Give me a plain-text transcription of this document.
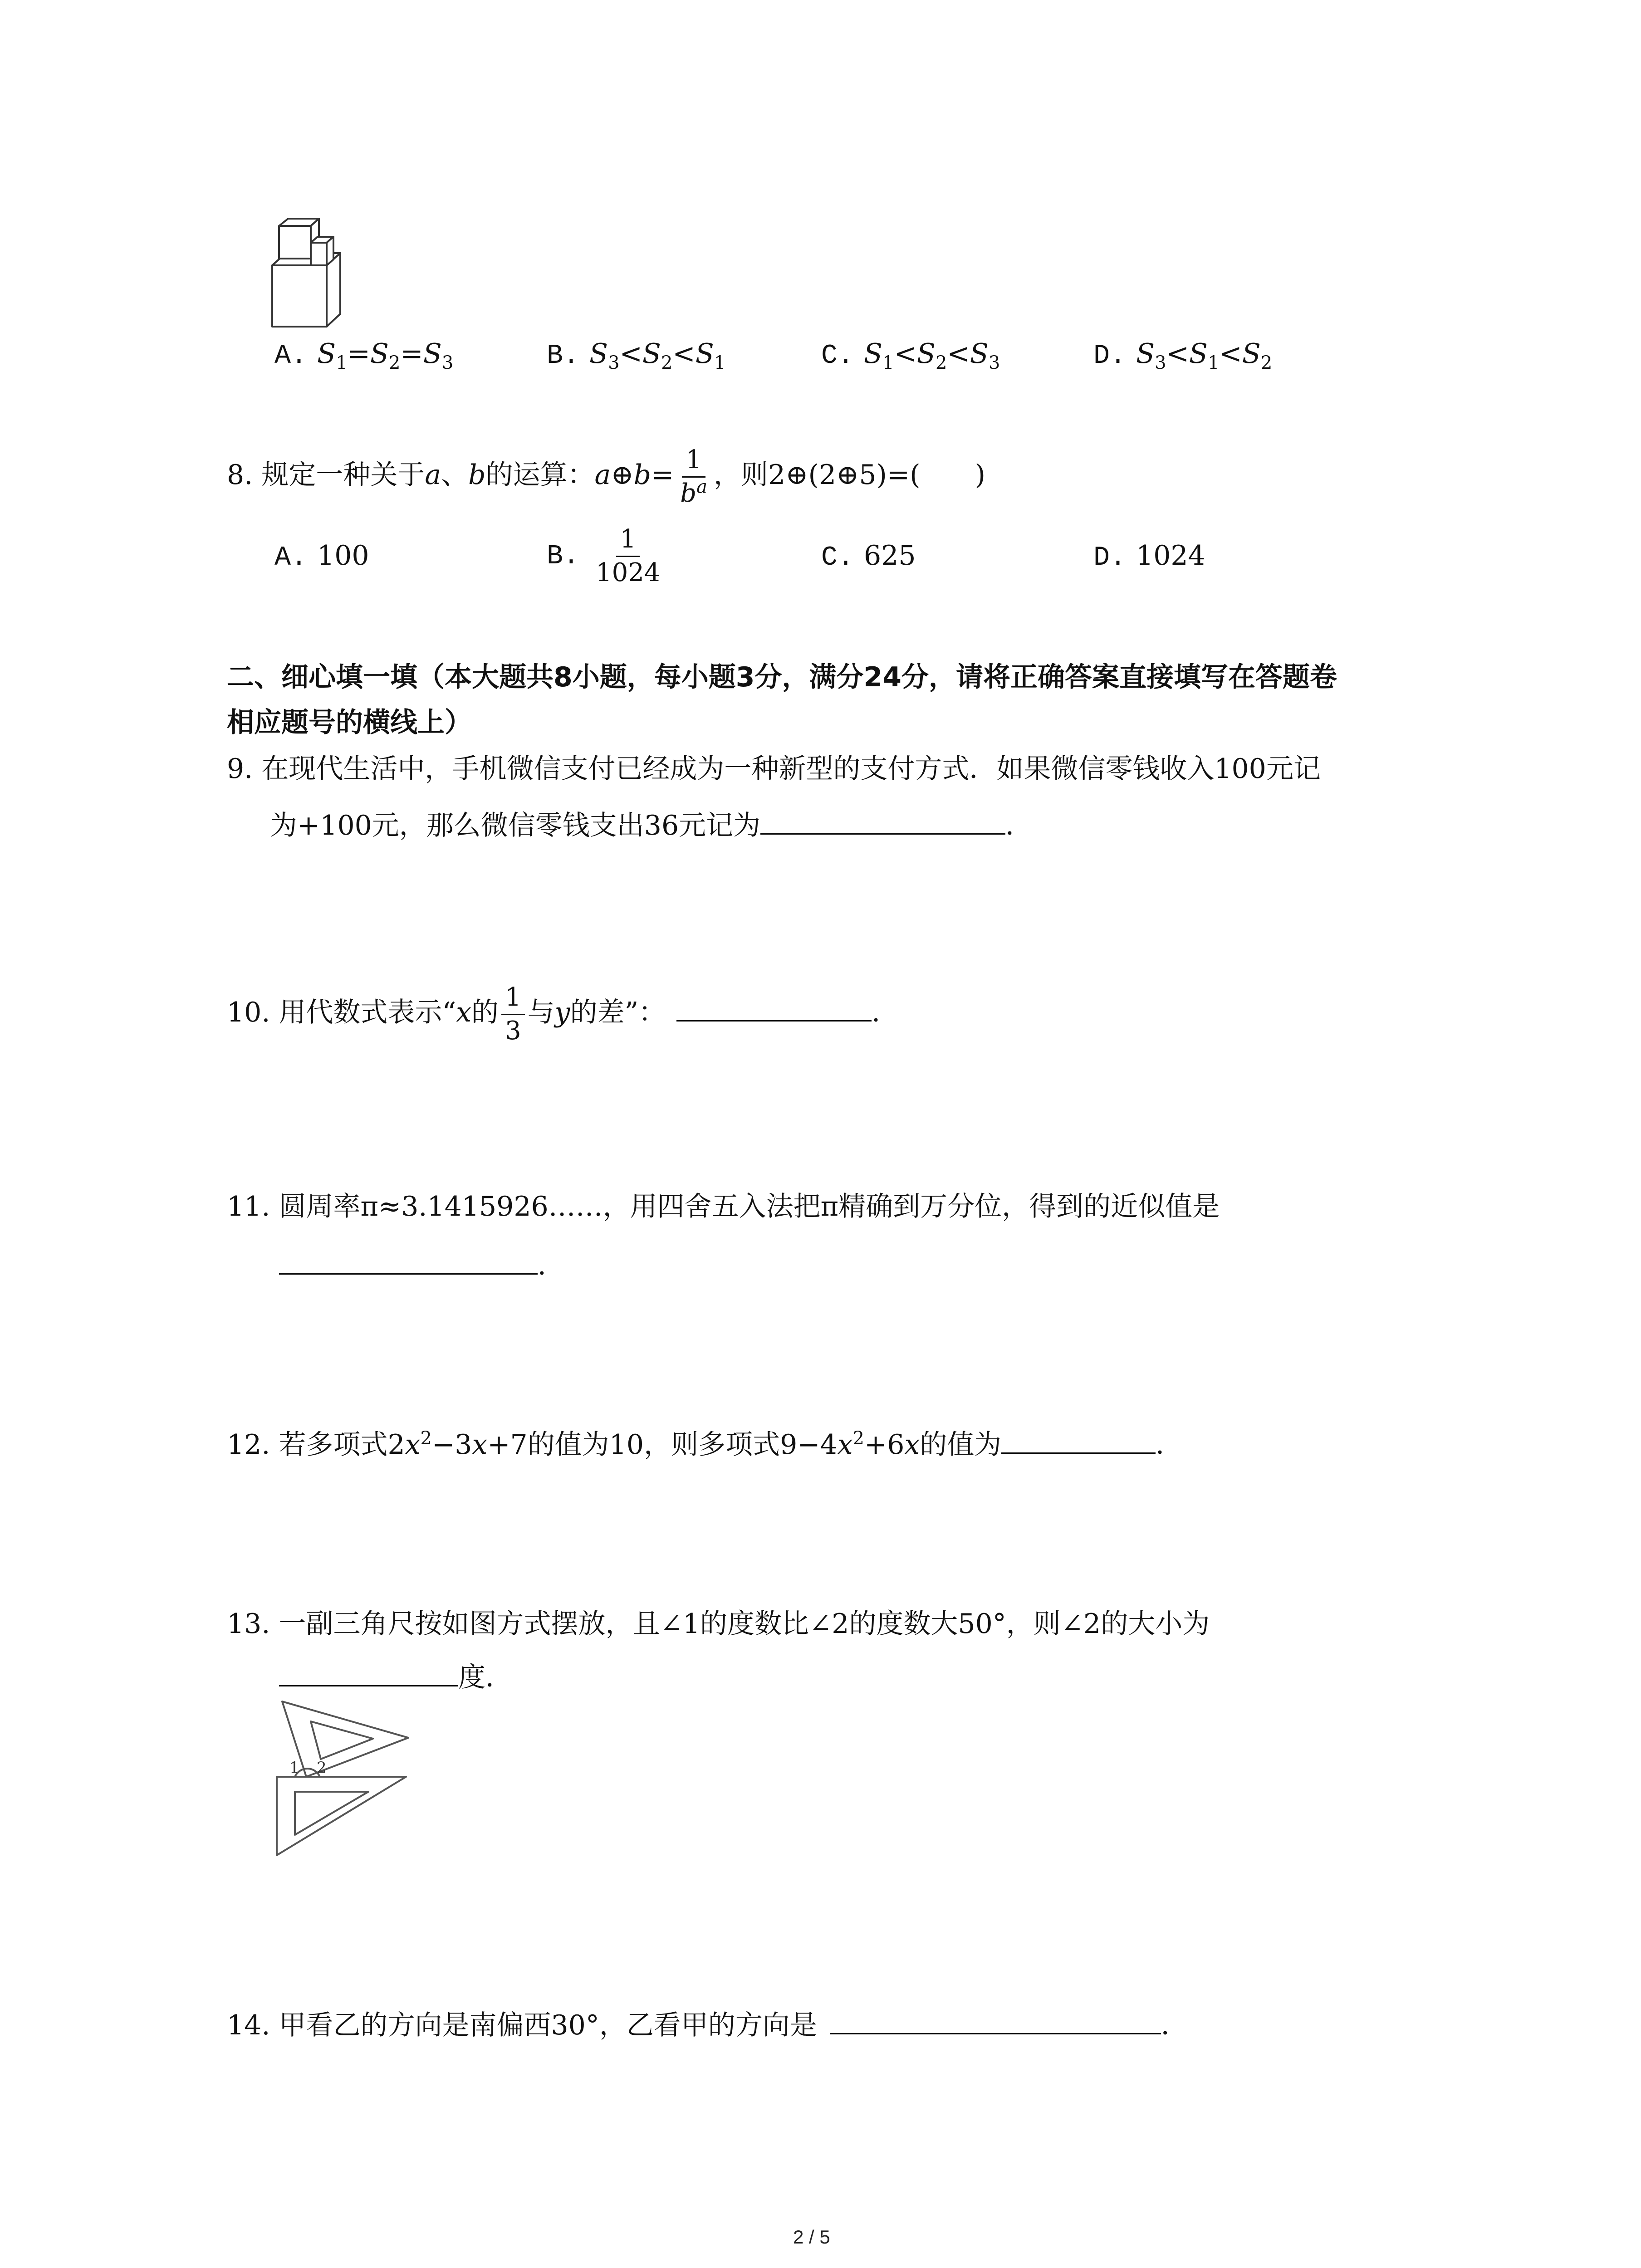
A. $S_1=S_2=S_3$	B. $S_3<S_2<S_1$	C. $S_1<S_2<S_3$	D. $S_3<S_1<S_2$
8. 规定一种关于a、b的运算：a⊕b= $\frac{1}{b^a}$ ，则2⊕(2⊕5)=( )
A. 100	B. $\frac{1}{1024}$	C. 625	D. 1024
二、细心填一填（本大题共8小题，每小题3分，满分24分，请将正确答案直接填写在答题卷
相应题号的横线上）
9. 在现代生活中，手机微信支付已经成为一种新型的支付方式．如果微信零钱收入100元记
为+100元，那么微信零钱支出36元记为	．
10. 用代数式表示“x的 $\frac{1}{3}$ 与y的差”：	．
11. 圆周率π≈3.1415926……，用四舍五入法把π精确到万分位，得到的近似值是
．
12. 若多项式$2x^2-3x+7$的值为10，则多项式$9-4x^2+6x$的值为	．
13. 一副三角尺按如图方式摆放，且∠1的度数比∠2的度数大50°，则∠2的大小为
度．
1 2
14. 甲看乙的方向是南偏西30°，乙看甲的方向是	．
2 / 5
